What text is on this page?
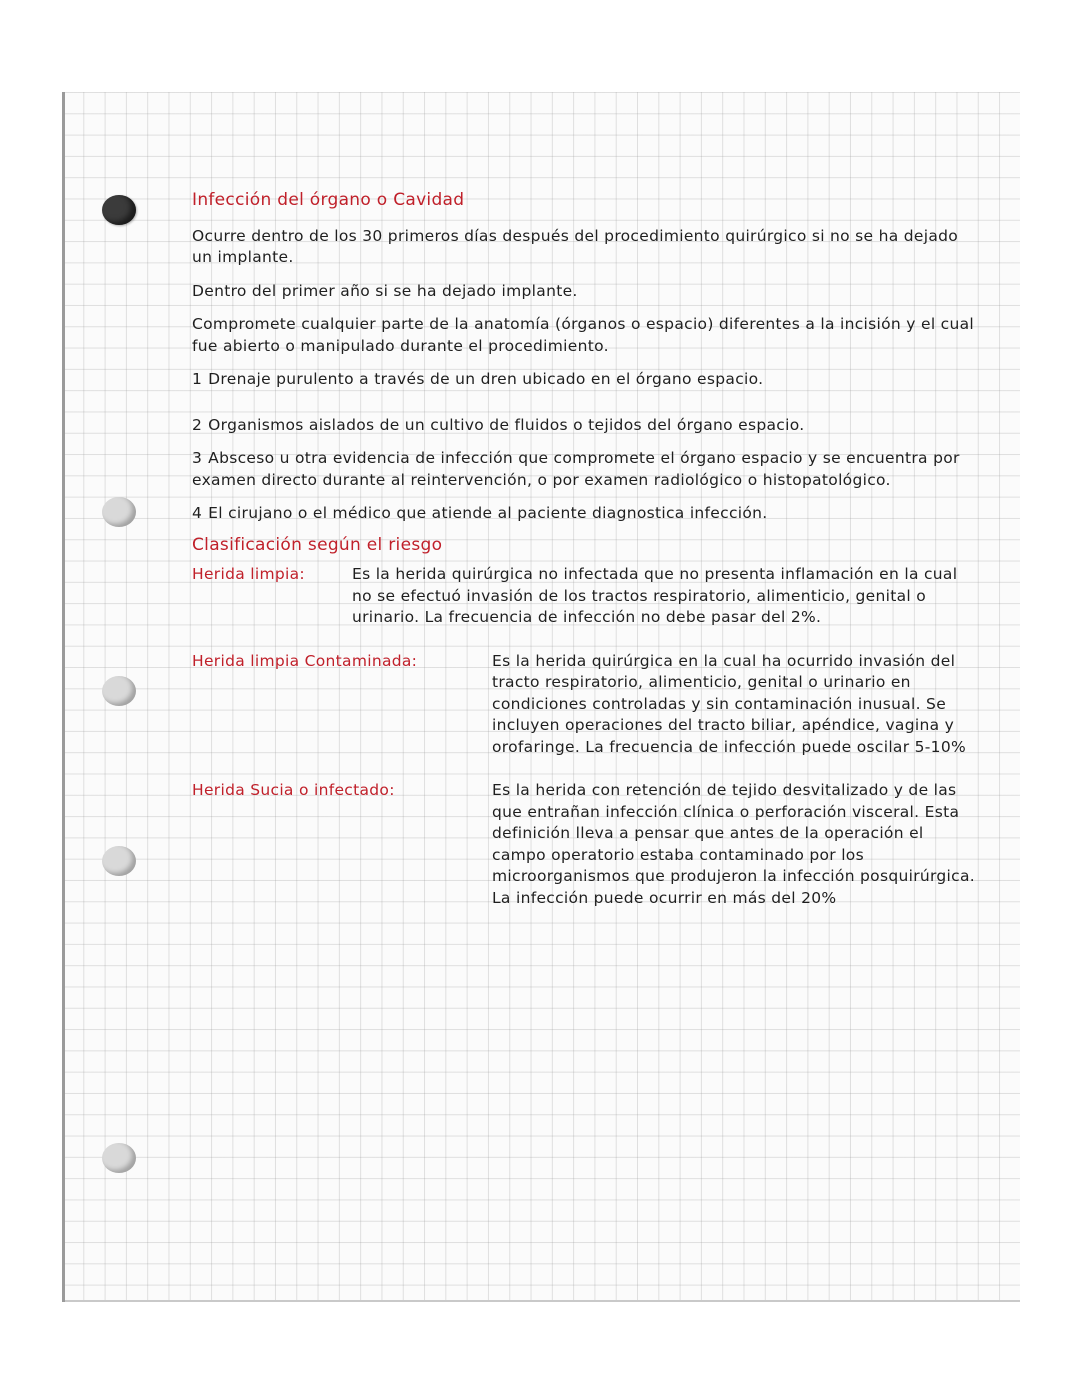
Infección del órgano o Cavidad

Ocurre dentro de los 30 primeros días después del procedimiento quirúrgico si no se ha dejado un implante.

Dentro del primer año si se ha dejado implante.

Compromete cualquier parte de la anatomía (órganos o espacio) diferentes a la incisión y el cual fue abierto o manipulado durante el procedimiento.

1 Drenaje purulento a través de un dren ubicado en el órgano espacio.
2 Organismos aislados de un cultivo de fluidos o tejidos del órgano espacio.
3 Absceso u otra evidencia de infección que compromete el órgano espacio y se encuentra por examen directo durante al reintervención, o por examen radiológico o histopatológico.
4 El cirujano o el médico que atiende al paciente diagnostica infección.
Clasificación según el riesgo
Herida limpia:	Es la herida quirúrgica no infectada que no presenta inflamación en la cual no se efectuó invasión de los tractos respiratorio, alimenticio, genital o urinario. La frecuencia de infección no debe pasar del 2%.
Herida limpia Contaminada:	Es la herida quirúrgica en la cual ha ocurrido invasión del tracto respiratorio, alimenticio, genital o urinario en condiciones controladas y sin contaminación inusual. Se incluyen operaciones del tracto biliar, apéndice, vagina y orofaringe. La frecuencia de infección puede oscilar 5-10%
Herida Sucia o infectado:	Es la herida con retención de tejido desvitalizado y de las que entrañan infección clínica o perforación visceral. Esta definición lleva a pensar que antes de la operación el campo operatorio estaba contaminado por los microorganismos que produjeron la infección posquirúrgica. La infección puede ocurrir en más del 20%
